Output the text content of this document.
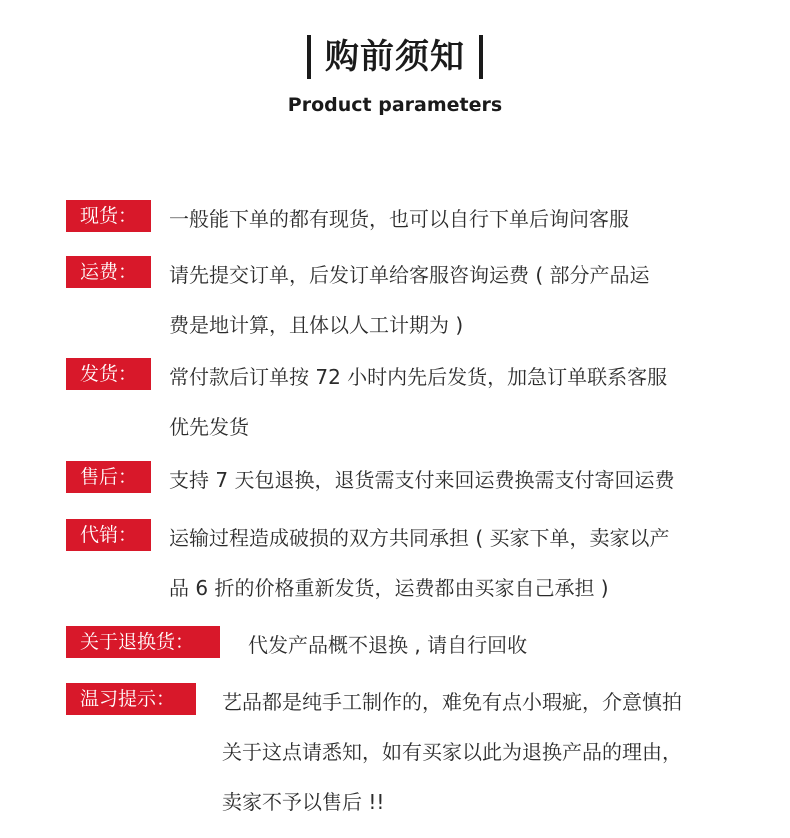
购前须知
Product parameters
现货：	一般能下单的都有现货，也可以自行下单后询问客服
运费：	请先提交订单，后发订单给客服咨询运费 ( 部分产品运
费是地计算，且体以人工计期为 )
发货：	常付款后订单按 72 小时内先后发货，加急订单联系客服
优先发货
售后：	支持 7 天包退换，退货需支付来回运费换需支付寄回运费
代销：	运输过程造成破损的双方共同承担 ( 买家下单，卖家以产
品 6 折的价格重新发货，运费都由买家自己承担 )
关于退换货：	代发产品概不退换 , 请自行回收
温习提示：	艺品都是纯手工制作的，难免有点小瑕疵，介意慎拍
关于这点请悉知，如有买家以此为退换产品的理由，
卖家不予以售后 !!
